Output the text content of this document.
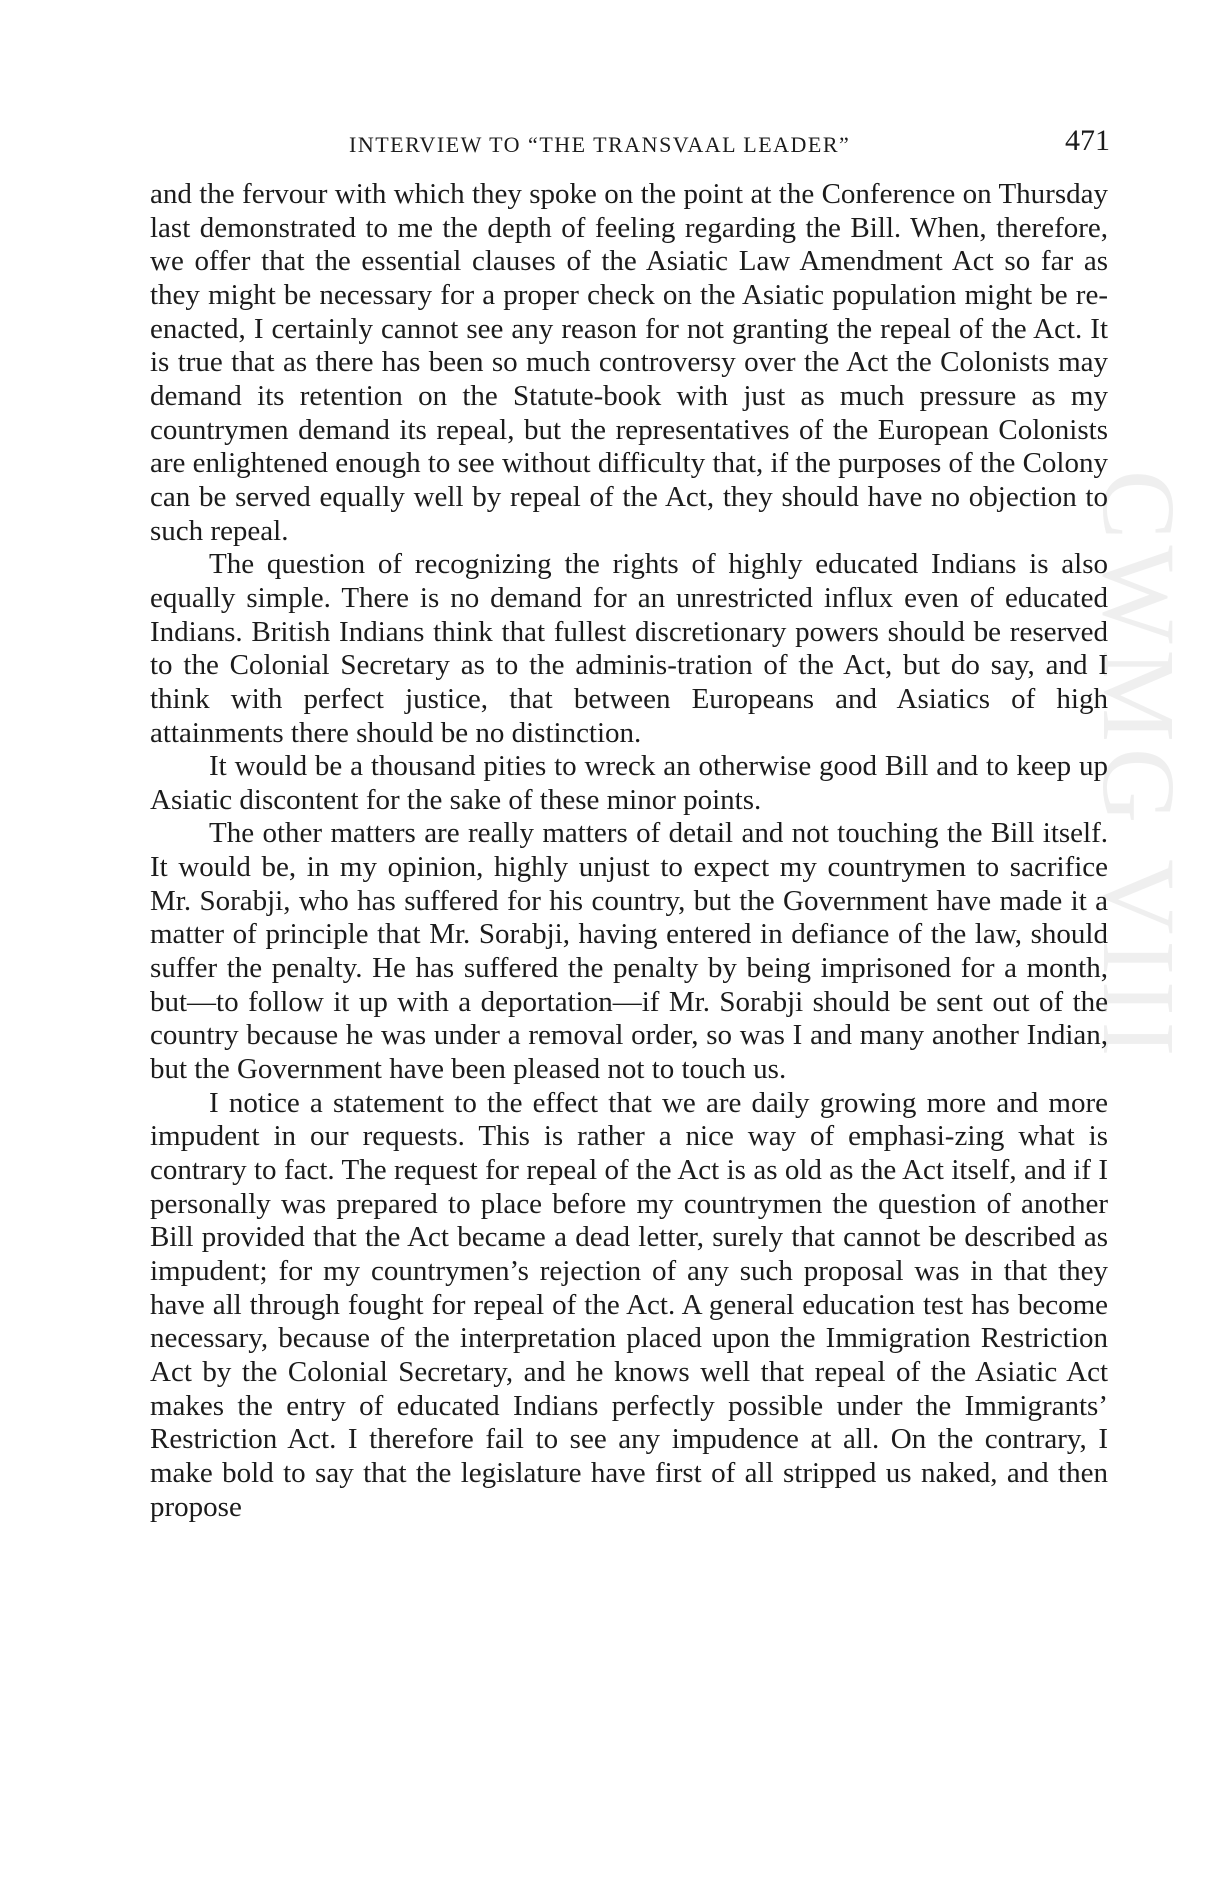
CWMG VIII
INTERVIEW TO “THE TRANSVAAL LEADER”	471

and the fervour with which they spoke on the point at the Conference on Thursday last demonstrated to me the depth of feeling regarding the Bill. When, therefore, we offer that the essential clauses of the Asiatic Law Amendment Act so far as they might be necessary for a proper check on the Asiatic population might be re-enacted, I certainly cannot see any reason for not granting the repeal of the Act. It is true that as there has been so much controversy over the Act the Colonists may demand its retention on the Statute-book with just as much pressure as my countrymen demand its repeal, but the representatives of the European Colonists are enlightened enough to see without difficulty that, if the purposes of the Colony can be served equally well by repeal of the Act, they should have no objection to such repeal.

The question of recognizing the rights of highly educated Indians is also equally simple. There is no demand for an unrestricted influx even of educated Indians. British Indians think that fullest discretionary powers should be reserved to the Colonial Secretary as to the adminis-tration of the Act, but do say, and I think with perfect justice, that between Europeans and Asiatics of high attainments there should be no distinction.

It would be a thousand pities to wreck an otherwise good Bill and to keep up Asiatic discontent for the sake of these minor points.

The other matters are really matters of detail and not touching the Bill itself. It would be, in my opinion, highly unjust to expect my countrymen to sacrifice Mr. Sorabji, who has suffered for his country, but the Government have made it a matter of principle that Mr. Sorabji, having entered in defiance of the law, should suffer the penalty. He has suffered the penalty by being imprisoned for a month, but—to follow it up with a deportation—if Mr. Sorabji should be sent out of the country because he was under a removal order, so was I and many another Indian, but the Government have been pleased not to touch us.

I notice a statement to the effect that we are daily growing more and more impudent in our requests. This is rather a nice way of emphasi-zing what is contrary to fact. The request for repeal of the Act is as old as the Act itself, and if I personally was prepared to place before my countrymen the question of another Bill provided that the Act became a dead letter, surely that cannot be described as impudent; for my countrymen’s rejection of any such proposal was in that they have all through fought for repeal of the Act. A general education test has become necessary, because of the interpretation placed upon the Immigration Restriction Act by the Colonial Secretary, and he knows well that repeal of the Asiatic Act makes the entry of educated Indians perfectly possible under the Immigrants’ Restriction Act. I therefore fail to see any impudence at all. On the contrary, I make bold to say that the legislature have first of all stripped us naked, and then propose
